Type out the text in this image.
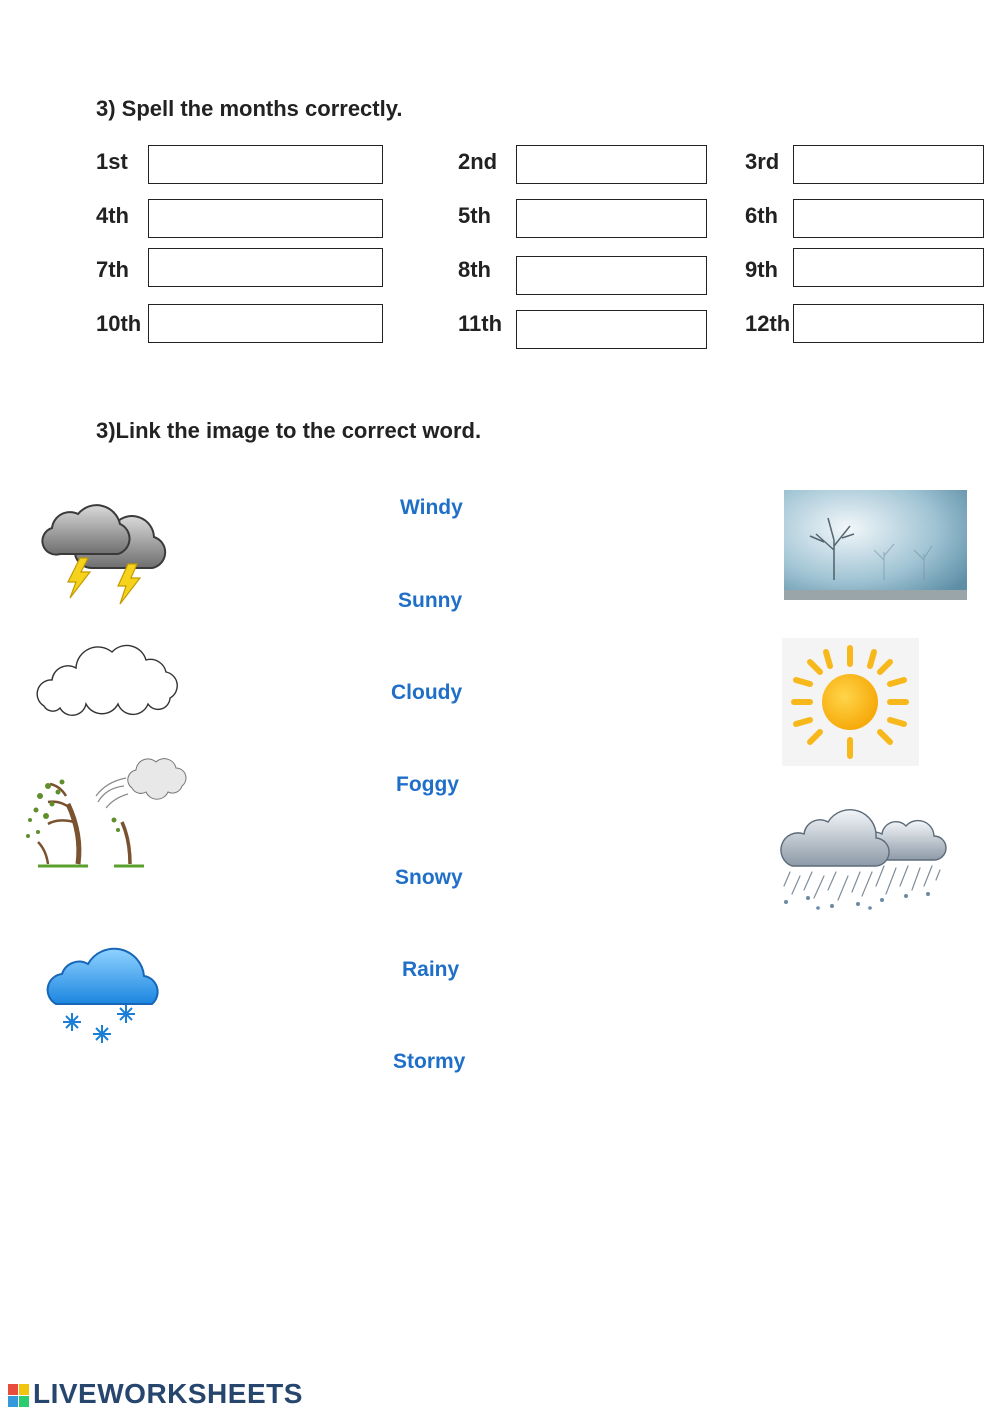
3) Spell the months correctly.
1st	2nd	3rd
4th	5th	6th
7th	8th	9th
10th	11th	12th
3)Link the image to the correct word.
Windy
Sunny
Cloudy
Foggy
Snowy
Rainy
Stormy
LIVEWORKSHEETS
